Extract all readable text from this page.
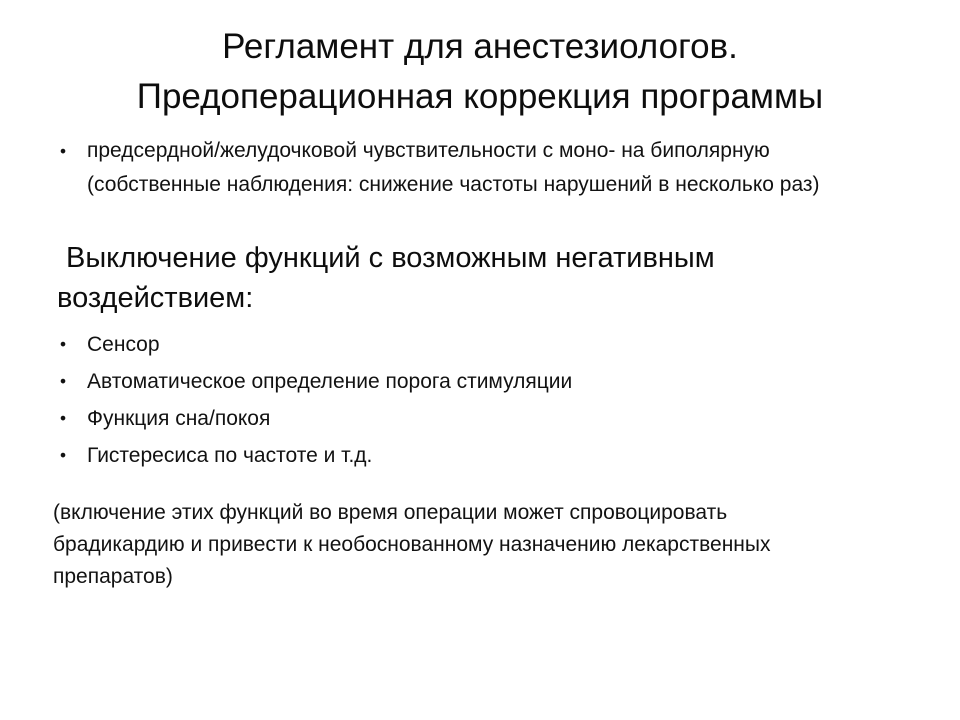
Регламент для анестезиологов.
Предоперационная коррекция программы
• предсердной/желудочковой чувствительности с моно- на биполярную
(собственные наблюдения: снижение частоты нарушений в несколько раз)
Выключение функций с возможным негативным
воздействием:
• Сенсор
• Автоматическое определение порога стимуляции
• Функция сна/покоя
• Гистересиса по частоте и т.д.
(включение этих функций во время операции может спровоцировать
брадикардию и привести к необоснованному назначению лекарственных
препаратов)
